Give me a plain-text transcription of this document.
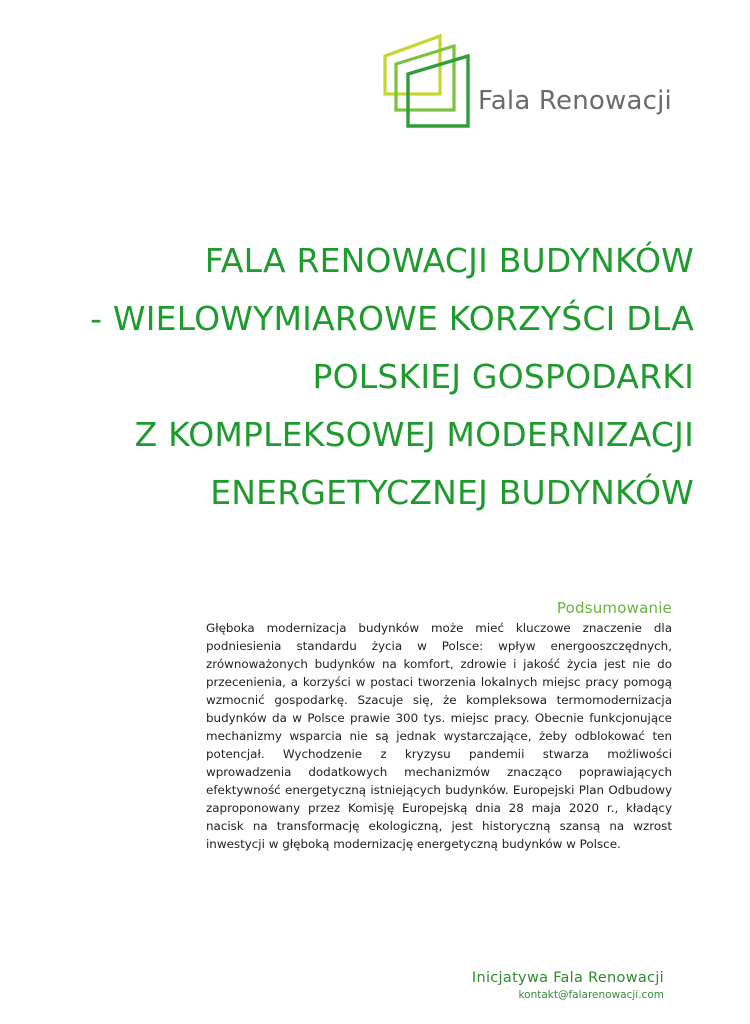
Fala Renowacji
FALA RENOWACJI BUDYNKÓW
- WIELOWYMIAROWE KORZYŚCI DLA
POLSKIEJ GOSPODARKI
Z KOMPLEKSOWEJ MODERNIZACJI
ENERGETYCZNEJ BUDYNKÓW
Podsumowanie
Głęboka modernizacja budynków może mieć kluczowe znaczenie dla podniesienia standardu życia w Polsce: wpływ energooszczędnych, zrównoważonych budynków na komfort, zdrowie i jakość życia jest nie do przecenienia, a korzyści w postaci tworzenia lokalnych miejsc pracy pomogą wzmocnić gospodarkę. Szacuje się, że kompleksowa termomodernizacja budynków da w Polsce prawie 300 tys. miejsc pracy. Obecnie funkcjonujące mechanizmy wsparcia nie są jednak wystarczające, żeby odblokować ten potencjał. Wychodzenie z kryzysu pandemii stwarza możliwości wprowadzenia dodatkowych mechanizmów znacząco poprawiających efektywność energetyczną istniejących budynków. Europejski Plan Odbudowy zaproponowany przez Komisję Europejską dnia 28 maja 2020 r., kładący nacisk na transformację ekologiczną, jest historyczną szansą na wzrost inwestycji w głęboką modernizację energetyczną budynków w Polsce.
Inicjatywa Fala Renowacji
kontakt@falarenowacji.com
